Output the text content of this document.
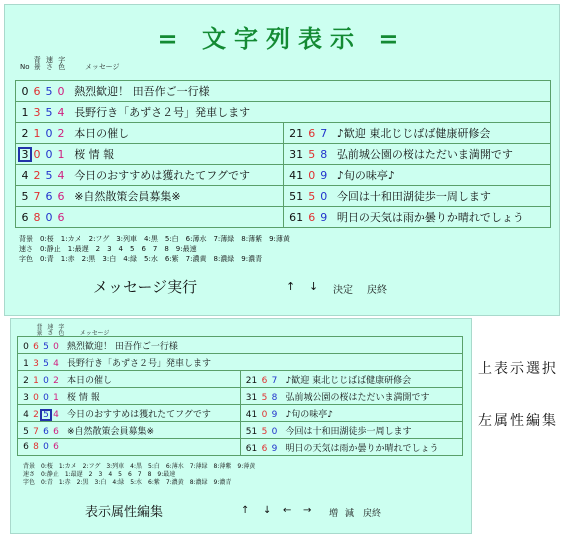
= 文字列表示 =
No
背
景

速
さ

字
色	メッセージ
0 6 5 0 熱烈歓迎！ 田吾作ご一行様	
1 3 5 4 長野行き「あずさ２号」発車します	
2 1 0 2 本日の催し	21 6 7 ♪歓迎 東北じじばば健康研修会
3 0 0 1 桜 情 報	31 5 8 弘前城公園の桜はただいま満開です
4 2 5 4 今日のおすすめは獲れたてフグです	41 0 9 ♪旬の味亭♪
5 7 6 6 ※自然散策会員募集※	51 5 0 今回は十和田湖徒歩一周します
6 8 0 6	61 6 9 明日の天気は雨か曇りか晴れでしょう
背景　0:桜　1:カメ　2:フグ　3:列車　4:黒　5:白　6:薄水　7:薄緑　8:薄紫　9:薄黄
速さ　0:静止　1:最遅　2　3　4　5　6　7　8　9:最速
字色　0:青　1:赤　2:黒　3:白　4:緑　5:水　6:紫　7:濃黄　8:濃緑　9:濃青
メッセージ実行	↑ ↓ 決定 戻終
背
景

速
さ

字
色	メッセージ
0 6 5 0 熱烈歓迎！ 田吾作ご一行様	
1 3 5 4 長野行き「あずさ２号」発車します	
2 1 0 2 本日の催し	21 6 7 ♪歓迎 東北じじばば健康研修会
3 0 0 1 桜 情 報	31 5 8 弘前城公園の桜はただいま満開です
4 2 5 4 今日のおすすめは獲れたてフグです	41 0 9 ♪旬の味亭♪
5 7 6 6 ※自然散策会員募集※	51 5 0 今回は十和田湖徒歩一周します
6 8 0 6	61 6 9 明日の天気は雨か曇りか晴れでしょう
背景　0:桜　1:カメ　2:フグ　3:列車　4:黒　5:白　6:薄水　7:薄緑　8:薄紫　9:薄黄
速さ　0:静止　1:最遅　2　3　4　5　6　7　8　9:最速
字色　0:青　1:赤　2:黒　3:白　4:緑　5:水　6:紫　7:濃黄　8:濃緑　9:濃青
表示属性編集	↑ ↓ ← → 増 減 戻終
上表示選択
左属性編集
